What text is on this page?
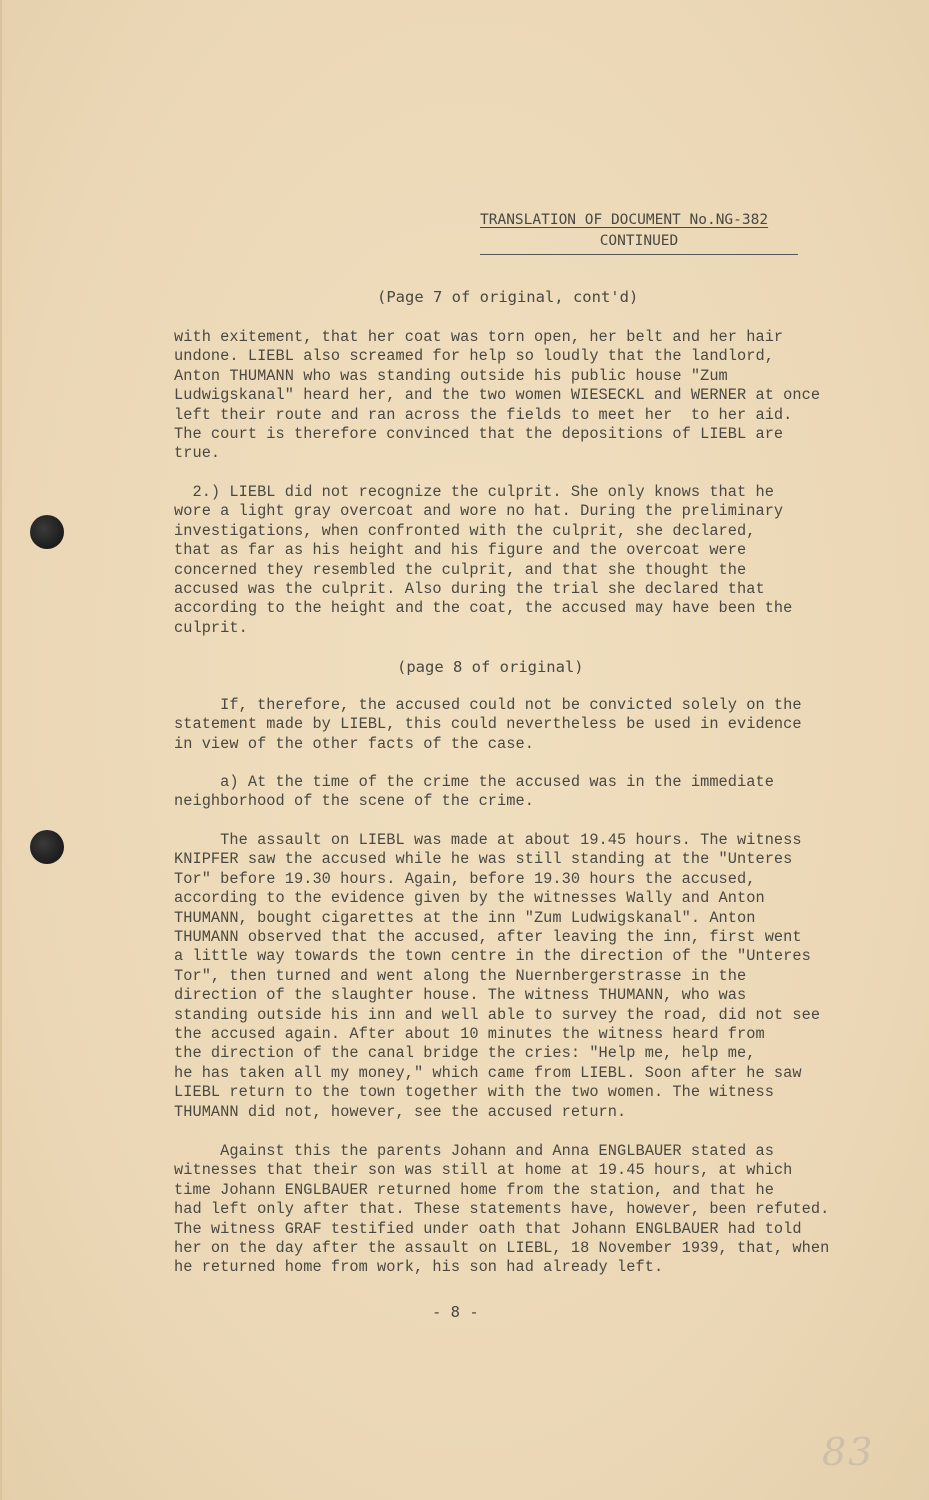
TRANSLATION OF DOCUMENT No.NG-382
CONTINUED
(Page 7 of original, cont'd)
with exitement, that her coat was torn open, her belt and her hair
undone. LIEBL also screamed for help so loudly that the landlord,
Anton THUMANN who was standing outside his public house "Zum
Ludwigskanal" heard her, and the two women WIESECKL and WERNER at once
left their route and ran across the fields to meet her  to her aid.
The court is therefore convinced that the depositions of LIEBL are
true.
2.) LIEBL did not recognize the culprit. She only knows that he
wore a light gray overcoat and wore no hat. During the preliminary
investigations, when confronted with the culprit, she declared,
that as far as his height and his figure and the overcoat were
concerned they resembled the culprit, and that she thought the
accused was the culprit. Also during the trial she declared that
according to the height and the coat, the accused may have been the
culprit.
(page 8 of original)
If, therefore, the accused could not be convicted solely on the
statement made by LIEBL, this could nevertheless be used in evidence
in view of the other facts of the case.
a) At the time of the crime the accused was in the immediate
neighborhood of the scene of the crime.
The assault on LIEBL was made at about 19.45 hours. The witness
KNIPFER saw the accused while he was still standing at the "Unteres
Tor" before 19.30 hours. Again, before 19.30 hours the accused,
according to the evidence given by the witnesses Wally and Anton
THUMANN, bought cigarettes at the inn "Zum Ludwigskanal". Anton
THUMANN observed that the accused, after leaving the inn, first went
a little way towards the town centre in the direction of the "Unteres
Tor", then turned and went along the Nuernbergerstrasse in the
direction of the slaughter house. The witness THUMANN, who was
standing outside his inn and well able to survey the road, did not see
the accused again. After about 10 minutes the witness heard from
the direction of the canal bridge the cries: "Help me, help me,
he has taken all my money," which came from LIEBL. Soon after he saw
LIEBL return to the town together with the two women. The witness
THUMANN did not, however, see the accused return.
Against this the parents Johann and Anna ENGLBAUER stated as
witnesses that their son was still at home at 19.45 hours, at which
time Johann ENGLBAUER returned home from the station, and that he
had left only after that. These statements have, however, been refuted.
The witness GRAF testified under oath that Johann ENGLBAUER had told
her on the day after the assault on LIEBL, 18 November 1939, that, when
he returned home from work, his son had already left.
- 8 -
83
